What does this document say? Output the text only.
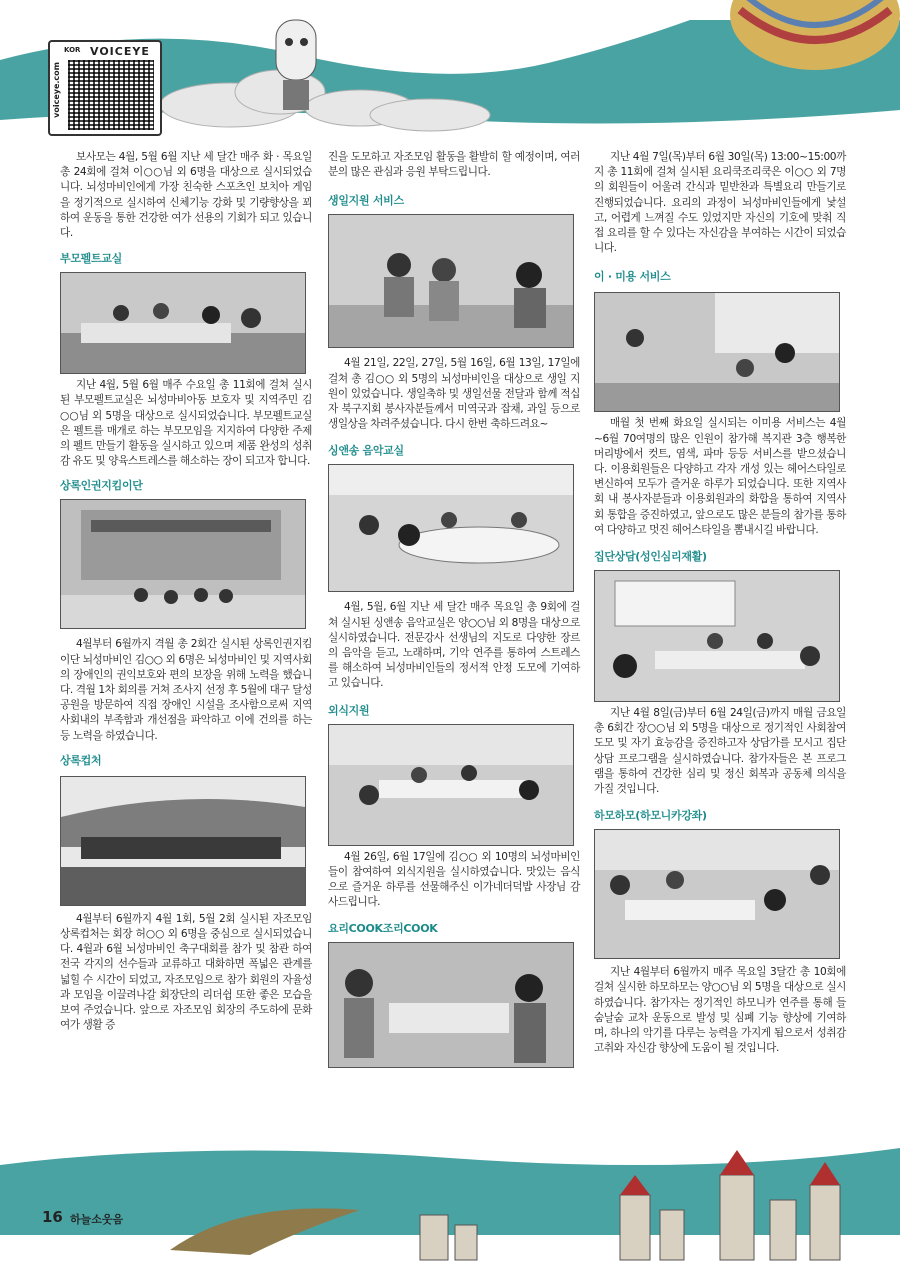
voiceye.com
VOICEYE
KOR

보사모는 4월, 5월 6월 지난 세 달간 매주 화 · 목요일 총 24회에 걸쳐 이○○님 외 6명을 대상으로 실시되었습니다. 뇌성마비인에게 가장 친숙한 스포츠인 보치아 게임을 정기적으로 실시하여 신체기능 강화 및 기량향상을 꾀하여 운동을 통한 건강한 여가 선용의 기회가 되고 있습니다.

부모펠트교실

지난 4월, 5월 6월 매주 수요일 총 11회에 걸쳐 실시된 부모펠트교실은 뇌성마비아동 보호자 및 지역주민 김○○님 외 5명을 대상으로 실시되었습니다. 부모펠트교실은 펠트를 매개로 하는 부모모임을 지지하여 다양한 주제의 펠트 만들기 활동을 실시하고 있으며 제품 완성의 성취감 유도 및 양육스트레스를 해소하는 장이 되고자 합니다.

상록인권지킴이단

4월부터 6월까지 격월 총 2회간 실시된 상록인권지킴이단 뇌성마비인 김○○ 외 6명은 뇌성마비인 및 지역사회의 장애인의 권익보호와 편의 보장을 위해 노력을 했습니다. 격월 1차 회의를 거쳐 조사지 선정 후 5월에 대구 달성공원을 방문하여 직접 장애인 시설을 조사함으로써 지역사회내의 부족함과 개선점을 파악하고 이에 건의를 하는 등 노력을 하였습니다.

상록컵처

4월부터 6월까지 4월 1회, 5월 2회 실시된 자조모임 상록컵처는 회장 허○○ 외 6명을 중심으로 실시되었습니다. 4월과 6월 뇌성마비인 축구대회를 참가 및 참관 하여 전국 각지의 선수들과 교류하고 대화하면 폭넓은 관계를 넓힐 수 시간이 되었고, 자조모임으로 참가 회원의 자율성과 모임을 이끌려나갈 회장단의 리더쉽 또한 좋은 모습을 보여 주었습니다. 앞으로 자조모임 회장의 주도하에 문화 여가 생활 증

진을 도모하고 자조모임 활동을 활발히 할 예정이며, 여러분의 많은 관심과 응원 부탁드립니다.

생일지원 서비스

4월 21일, 22일, 27일, 5월 16일, 6월 13일, 17일에 걸쳐 총 김○○ 외 5명의 뇌성마비인을 대상으로 생일 지원이 있었습니다. 생일축하 및 생일선물 전달과 함께 적십자 북구지회 봉사자분들께서 미역국과 잡채, 과일 등으로 생일상을 차려주셨습니다. 다시 한번 축하드려요~

싱앤송 음악교실

4월, 5월, 6월 지난 세 달간 매주 목요일 총 9회에 걸쳐 실시된 싱앤송 음악교실은 양○○님 외 8명을 대상으로 실시하였습니다. 전문강사 선생님의 지도로 다양한 장르의 음악을 듣고, 노래하며, 기악 연주를 통하여 스트레스를 해소하여 뇌성마비인들의 정서적 안정 도모에 기여하고 있습니다.

외식지원

4월 26일, 6월 17일에 김○○ 외 10명의 뇌성마비인들이 참여하여 외식지원을 실시하였습니다. 맛있는 음식으로 즐거운 하루를 선물해주신 이가네더덕밥 사장님 감사드립니다.

요리COOK조리COOK

지난 4월 7일(목)부터 6월 30일(목) 13:00~15:00까지 총 11회에 걸쳐 실시된 요리쿡조리쿡은 이○○ 외 7명의 회원들이 어울려 간식과 밑반찬과 특별요리 만들기로 진행되었습니다. 요리의 과정이 뇌성마비인들에게 낯설고, 어렵게 느껴질 수도 있었지만 자신의 기호에 맞춰 직접 요리를 할 수 있다는 자신감을 부여하는 시간이 되었습니다.

이 · 미용 서비스

매월 첫 번째 화요일 실시되는 이미용 서비스는 4월~6월 70여명의 많은 인원이 참가해 복지관 3층 행복한 머리방에서 컷트, 염색, 파마 등등 서비스를 받으셨습니다. 이용회원들은 다양하고 각자 개성 있는 헤어스타일로 변신하여 모두가 즐거운 하루가 되었습니다. 또한 지역사회 내 봉사자분들과 이용회원과의 화합을 통하여 지역사회 통합을 증진하였고, 앞으로도 많은 분들의 참가를 통하여 다양하고 멋진 헤어스타일을 뽐내시길 바랍니다.

집단상담(성인심리재활)

지난 4월 8일(금)부터 6월 24일(금)까지 매월 금요일 총 6회간 장○○님 외 5명을 대상으로 정기적인 사회참여 도모 및 자기 효능감을 증진하고자 상담가를 모시고 집단상담 프로그램을 실시하였습니다. 참가자들은 본 프로그램을 통하여 건강한 심리 및 정신 회복과 공동체 의식을 가질 것입니다.

하모하모(하모니카강좌)

지난 4월부터 6월까지 매주 목요일 3달간 총 10회에 걸쳐 실시한 하모하모는 양○○님 외 5명을 대상으로 실시하였습니다. 참가자는 정기적인 하모니카 연주를 통해 들숨날숨 교차 운동으로 발성 및 심폐 기능 향상에 기여하며, 하나의 악기를 다루는 능력을 가지게 됨으로서 성취감 고취와 자신감 향상에 도움이 될 것입니다.

16 하늘소웃음
